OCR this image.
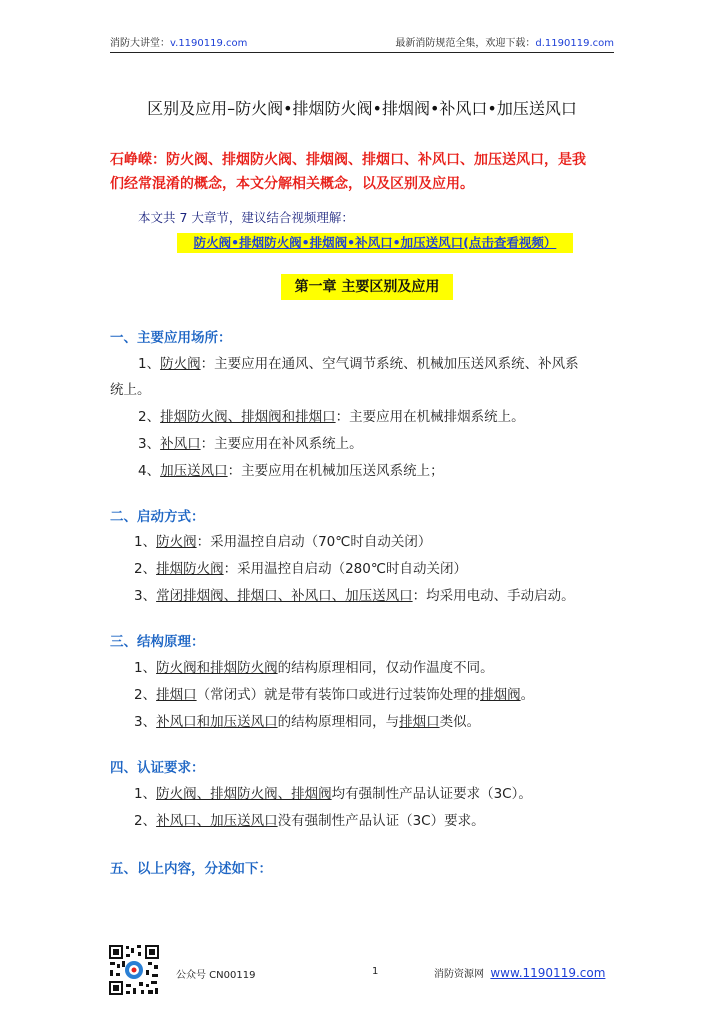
消防大讲堂：v.1190119.com	最新消防规范全集，欢迎下载：d.1190119.com
区别及应用–防火阀•排烟防火阀•排烟阀•补风口•加压送风口
石峥嵘：防火阀、排烟防火阀、排烟阀、排烟口、补风口、加压送风口，是我
们经常混淆的概念，本文分解相关概念，以及区别及应用。
本文共 7 大章节，建议结合视频理解：
防火阀•排烟防火阀•排烟阀•补风口•加压送风口(点击查看视频）
第一章 主要区别及应用
一、主要应用场所：
1、防火阀：主要应用在通风、空气调节系统、机械加压送风系统、补风系
统上。
2、排烟防火阀、排烟阀和排烟口：主要应用在机械排烟系统上。
3、补风口：主要应用在补风系统上。
4、加压送风口：主要应用在机械加压送风系统上；
二、启动方式：
1、防火阀：采用温控自启动（70℃时自动关闭）
2、排烟防火阀：采用温控自启动（280℃时自动关闭）
3、常闭排烟阀、排烟口、补风口、加压送风口：均采用电动、手动启动。
三、结构原理：
1、防火阀和排烟防火阀的结构原理相同，仅动作温度不同。
2、排烟口（常闭式）就是带有装饰口或进行过装饰处理的排烟阀。
3、补风口和加压送风口的结构原理相同，与排烟口类似。
四、认证要求：
1、防火阀、排烟防火阀、排烟阀均有强制性产品认证要求（3C）。
2、补风口、加压送风口没有强制性产品认证（3C）要求。
五、以上内容，分述如下：
公众号 CN00119	1	消防资源网 www.1190119.com
